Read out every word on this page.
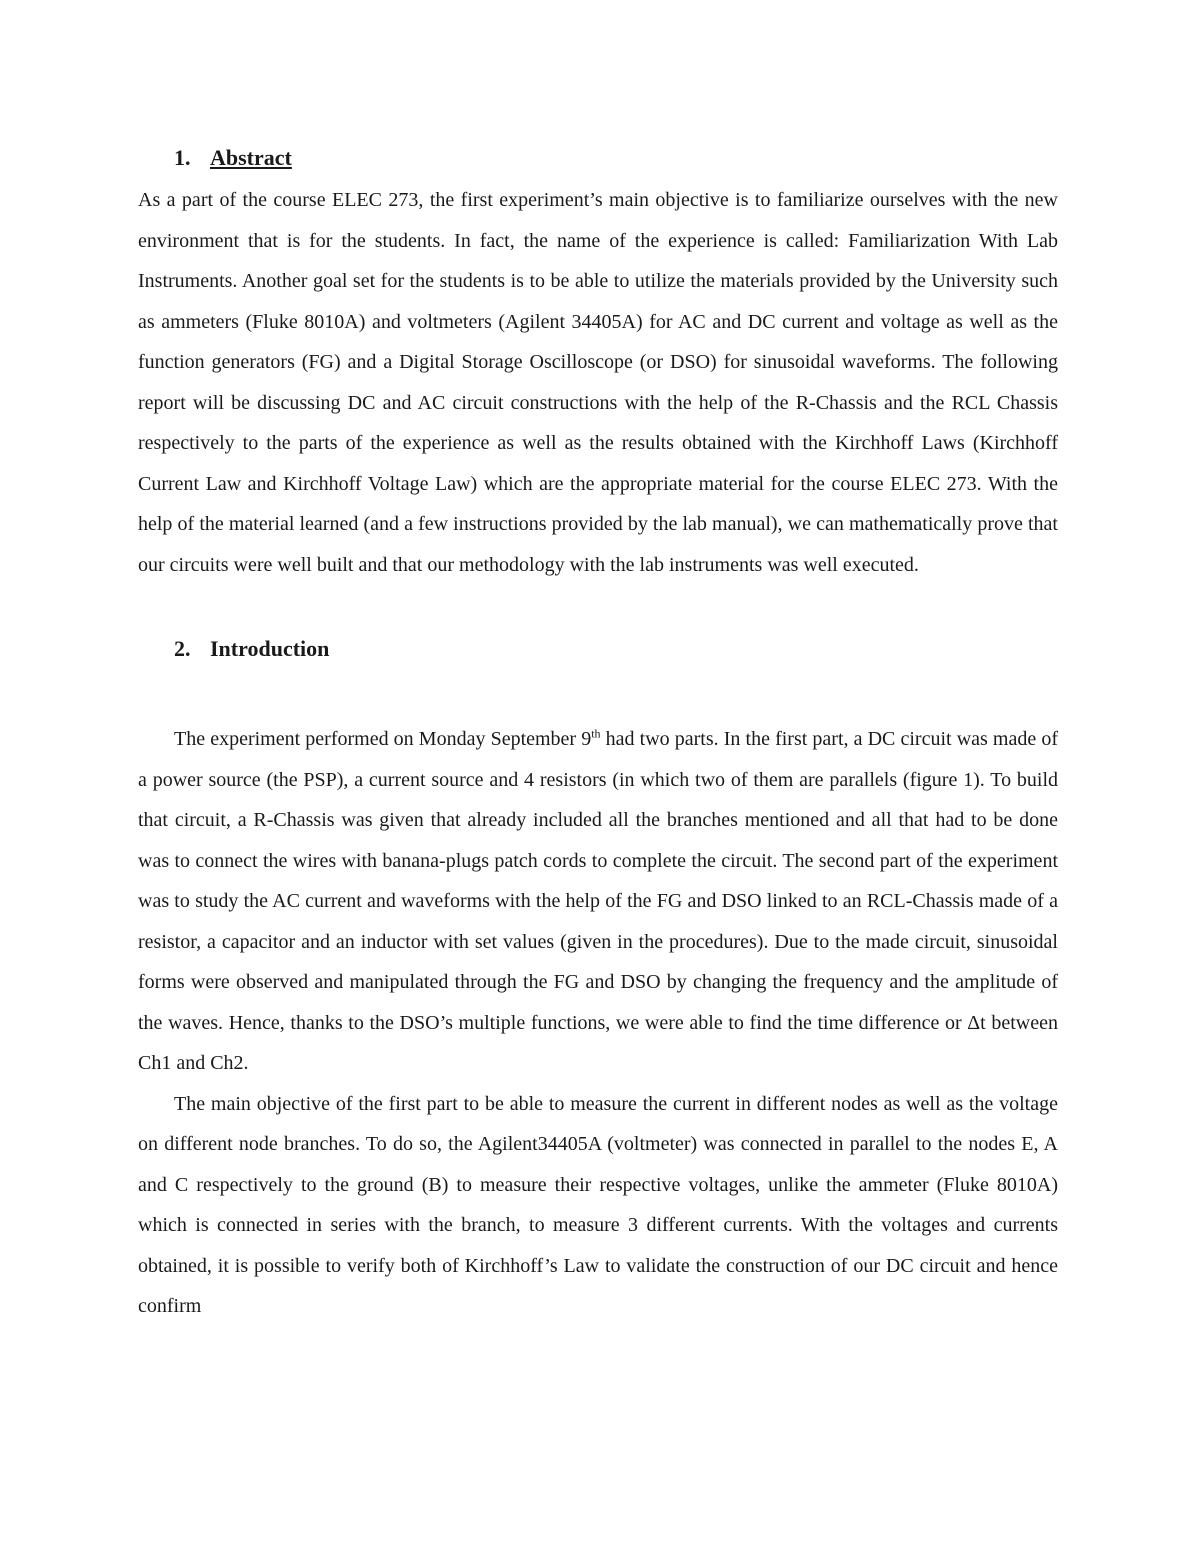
1. Abstract

As a part of the course ELEC 273, the first experiment’s main objective is to familiarize ourselves with the new environment that is for the students. In fact, the name of the experience is called: Familiarization With Lab Instruments. Another goal set for the students is to be able to utilize the materials provided by the University such as ammeters (Fluke 8010A) and voltmeters (Agilent 34405A) for AC and DC current and voltage as well as the function generators (FG) and a Digital Storage Oscilloscope (or DSO) for sinusoidal waveforms. The following report will be discussing DC and AC circuit constructions with the help of the R-Chassis and the RCL Chassis respectively to the parts of the experience as well as the results obtained with the Kirchhoff Laws (Kirchhoff Current Law and Kirchhoff Voltage Law) which are the appropriate material for the course ELEC 273. With the help of the material learned (and a few instructions provided by the lab manual), we can mathematically prove that our circuits were well built and that our methodology with the lab instruments was well executed.

2. Introduction

The experiment performed on Monday September 9th had two parts. In the first part, a DC circuit was made of a power source (the PSP), a current source and 4 resistors (in which two of them are parallels (figure 1). To build that circuit, a R-Chassis was given that already included all the branches mentioned and all that had to be done was to connect the wires with banana-plugs patch cords to complete the circuit. The second part of the experiment was to study the AC current and waveforms with the help of the FG and DSO linked to an RCL-Chassis made of a resistor, a capacitor and an inductor with set values (given in the procedures). Due to the made circuit, sinusoidal forms were observed and manipulated through the FG and DSO by changing the frequency and the amplitude of the waves. Hence, thanks to the DSO’s multiple functions, we were able to find the time difference or Δt between Ch1 and Ch2.

The main objective of the first part to be able to measure the current in different nodes as well as the voltage on different node branches. To do so, the Agilent34405A (voltmeter) was connected in parallel to the nodes E, A and C respectively to the ground (B) to measure their respective voltages, unlike the ammeter (Fluke 8010A) which is connected in series with the branch, to measure 3 different currents. With the voltages and currents obtained, it is possible to verify both of Kirchhoff’s Law to validate the construction of our DC circuit and hence confirm
